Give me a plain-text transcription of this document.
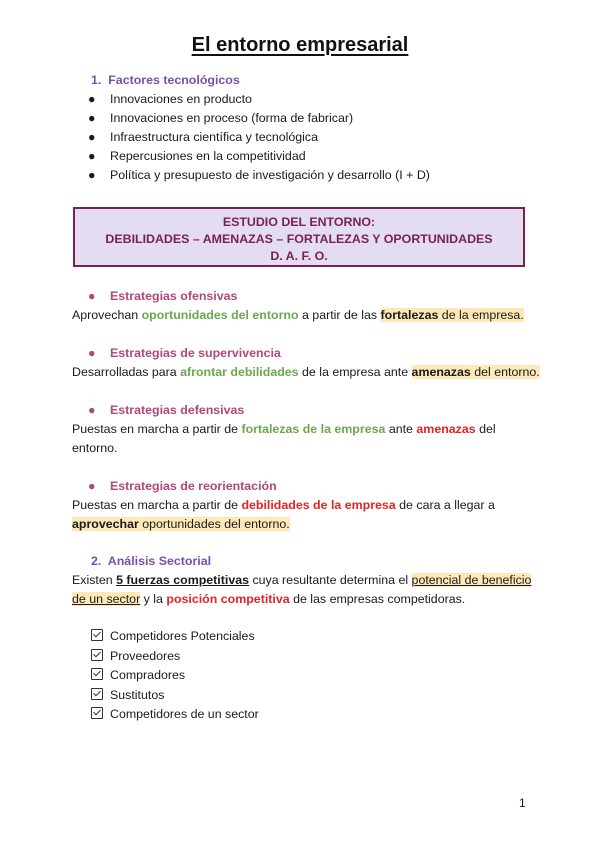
El entorno empresarial
1. Factores tecnológicos
● Innovaciones en producto
● Innovaciones en proceso (forma de fabricar)
● Infraestructura científica y tecnológica
● Repercusiones en la competitividad
● Política y presupuesto de investigación y desarrollo (I + D)
ESTUDIO DEL ENTORNO:
DEBILIDADES – AMENAZAS – FORTALEZAS Y OPORTUNIDADES
D. A. F. O.
● Estrategias ofensivas
Aprovechan oportunidades del entorno a partir de las fortalezas de la empresa.
● Estrategias de supervivencia
Desarrolladas para afrontar debilidades de la empresa ante amenazas del entorno.
● Estrategias defensivas
Puestas en marcha a partir de fortalezas de la empresa ante amenazas del
entorno.
● Estrategias de reorientación
Puestas en marcha a partir de debilidades de la empresa de cara a llegar a
aprovechar oportunidades del entorno.
2. Análisis Sectorial
Existen 5 fuerzas competitivas cuya resultante determina el potencial de beneficio
de un sector y la posición competitiva de las empresas competidoras.
Competidores Potenciales
Proveedores
Compradores
Sustitutos
Competidores de un sector
1
